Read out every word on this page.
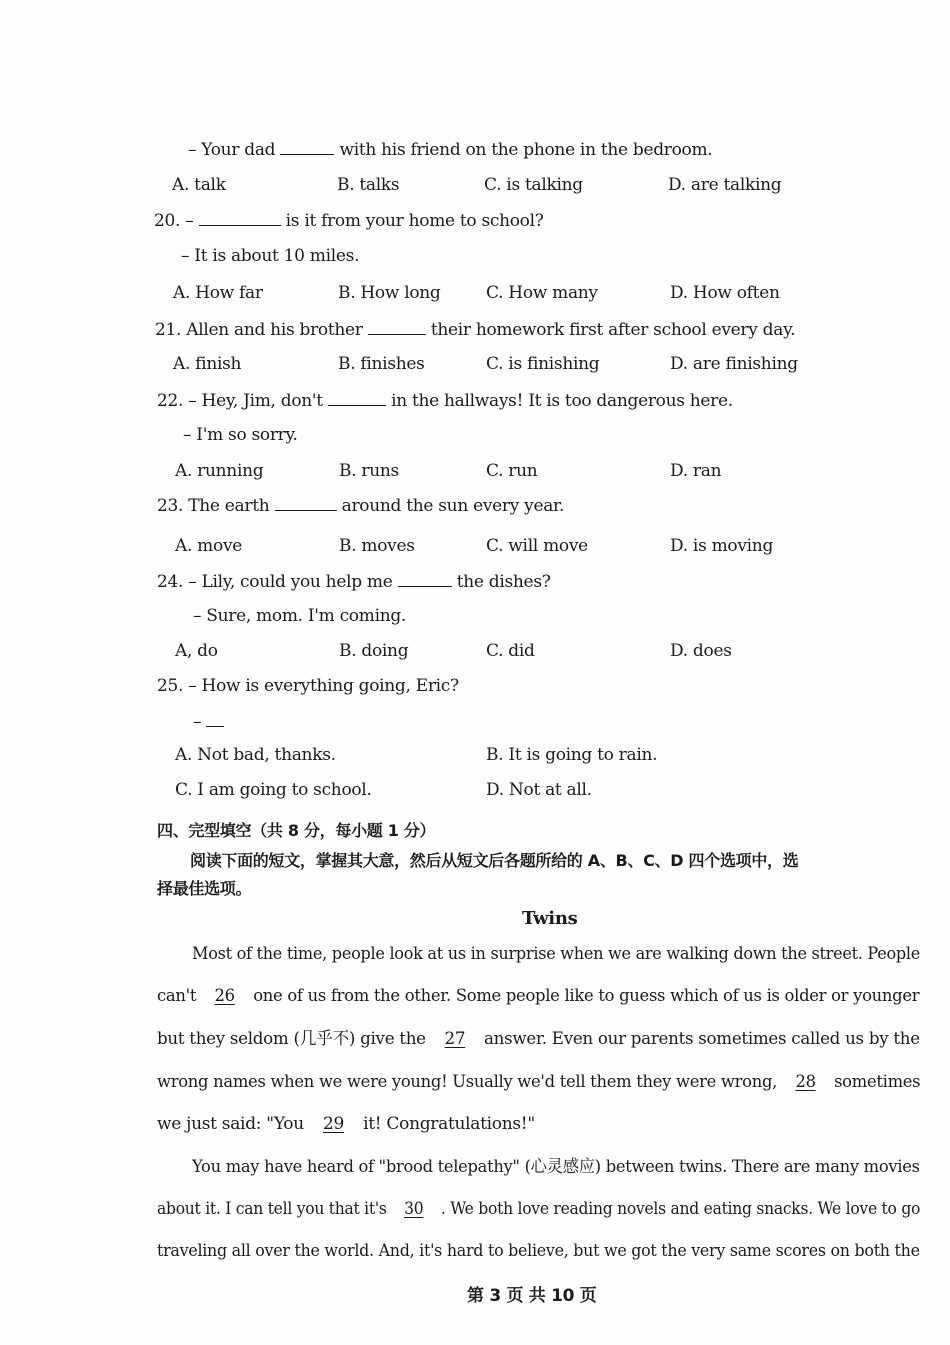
– Your dad	with his friend on the phone in the bedroom.
A. talk	B. talks	C. is talking	D. are talking
20. –	is it from your home to school?
– It is about 10 miles.
A. How far	B. How long	C. How many	D. How often
21. Allen and his brother	their homework first after school every day.
A. finish	B. finishes	C. is finishing	D. are finishing
22. – Hey, Jim, don't	in the hallways! It is too dangerous here.
– I'm so sorry.
A. running	B. runs	C. run	D. ran
23. The earth	around the sun every year.
A. move	B. moves	C. will move	D. is moving
24. – Lily, could you help me	the dishes?
– Sure, mom. I'm coming.
A, do	B. doing	C. did	D. does
25. – How is everything going, Eric?
–
A. Not bad, thanks.	B. It is going to rain.
C. I am going to school.	D. Not at all.
四、完型填空（共 8 分，每小题 1 分）
阅读下面的短文，掌握其大意，然后从短文后各题所给的 A、B、C、D 四个选项中，选
择最佳选项。
Twins
Most of the time, people look at us in surprise when we are walking down the street. People
can't 26 one of us from the other. Some people like to guess which of us is older or younger
but they seldom (几乎不) give the 27 answer. Even our parents sometimes called us by the
wrong names when we were young! Usually we'd tell them they were wrong, 28 sometimes
we just said: "You 29 it! Congratulations!"
You may have heard of "brood telepathy" (心灵感应) between twins. There are many movies
about it. I can tell you that it's 30 . We both love reading novels and eating snacks. We love to go
traveling all over the world. And, it's hard to believe, but we got the very same scores on both the
第 3 页 共 10 页
